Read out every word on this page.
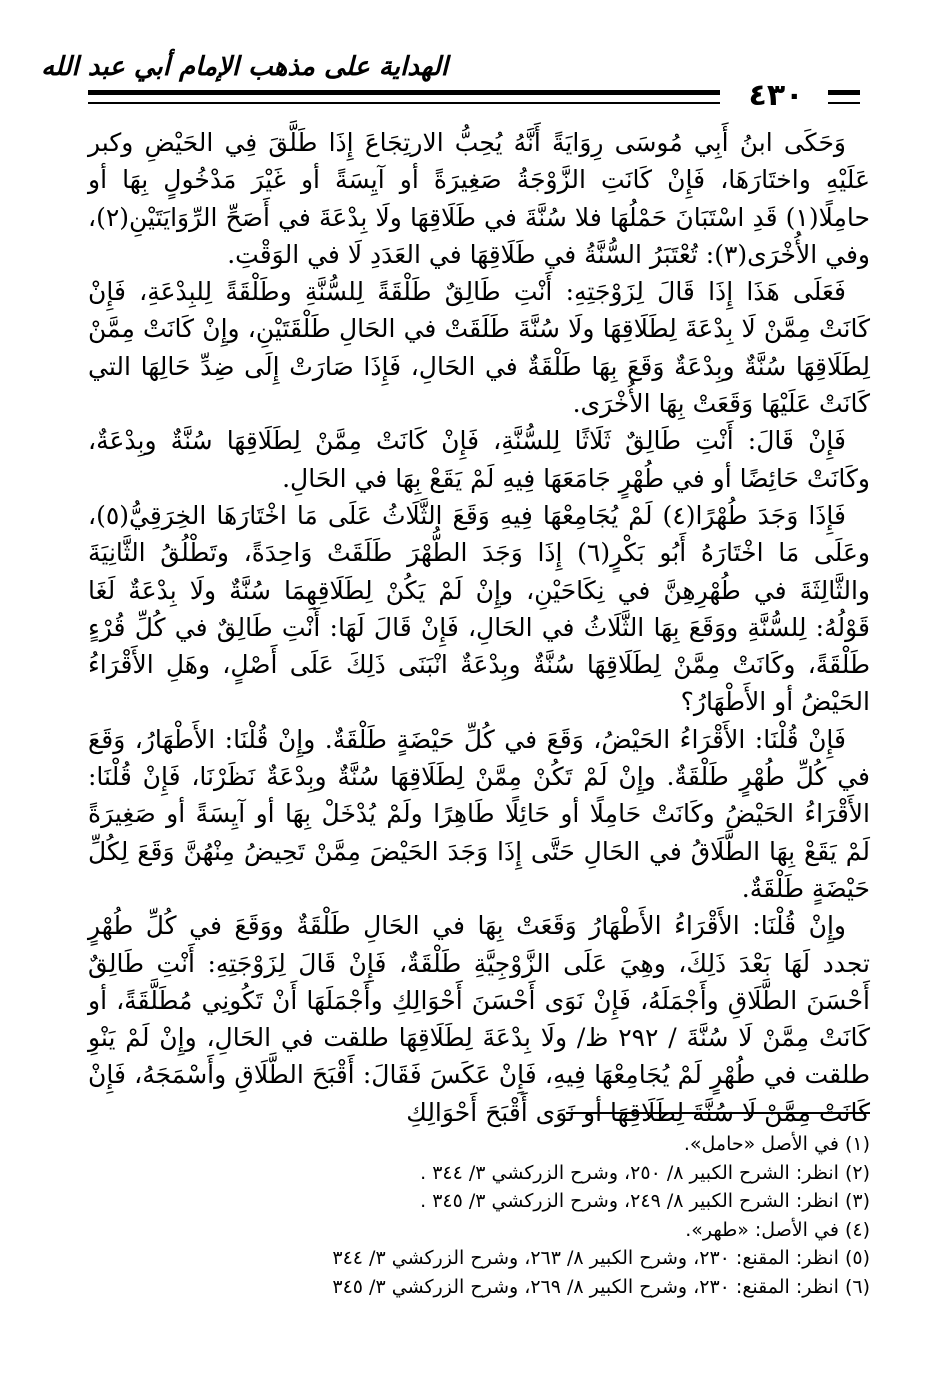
الهداية على مذهب الإمام أبي عبد الله
٤٣٠

وَحَكَى ابنُ أَبِي مُوسَى رِوَايَةً أَنَّهُ يُحِبُّ الارتِجَاعَ إِذَا طَلَّقَ فِي الحَيْضِ وكبر عَلَيْهِ واختَارَهَا، فَإِنْ كَانَتِ الزَّوْجَةُ صَغِيرَةً أو آيِسَةً أو غَيْرَ مَدْخُولٍ بِهَا أو حامِلًا(١) قَدِ اسْتَبَانَ حَمْلُهَا فلا سُنَّةَ في طَلَاقِهَا ولَا بِدْعَةَ في أَصَحِّ الرِّوَايَتَيْنِ(٢)، وفي الأُخْرَى(٣): تُعْتَبَرُ السُّنَّةُ في طَلَاقِهَا في العَدَدِ لَا في الوَقْتِ.

فَعَلَى هَذَا إِذَا قَالَ لِزَوْجَتِهِ: أَنْتِ طَالِقٌ طَلْقَةً لِلسُّنَّةِ وطَلْقَةً لِلبِدْعَةِ، فَإِنْ كَانَتْ مِمَّنْ لَا بِدْعَةَ لِطَلَاقِهَا ولَا سُنَّةَ طَلَقَتْ في الحَالِ طَلْقَتَيْنِ، وإِنْ كَانَتْ مِمَّنْ لِطَلَاقِهَا سُنَّةٌ وبِدْعَةٌ وَقَعَ بِهَا طَلْقَةٌ في الحَالِ، فَإِذَا صَارَتْ إِلَى ضِدِّ حَالِهَا التي كَانَتْ عَلَيْهَا وَقَعَتْ بِهَا الأُخْرَى.

فَإِنْ قَالَ: أَنْتِ طَالِقٌ ثَلَاثًا لِلسُّنَّةِ، فَإِنْ كَانَتْ مِمَّنْ لِطَلَاقِهَا سُنَّةٌ وبِدْعَةٌ، وكَانَتْ حَائِضًا أو في طُهْرٍ جَامَعَهَا فِيهِ لَمْ يَقَعْ بِهَا في الحَالِ.

فَإِذَا وَجَدَ طُهْرًا(٤) لَمْ يُجَامِعْهَا فِيهِ وَقَعَ الثَّلَاثُ عَلَى مَا اخْتَارَهَا الخِرَقِيُّ(٥)، وعَلَى مَا اخْتَارَهُ أَبُو بَكْرٍ(٦) إِذَا وَجَدَ الطُّهْرَ طَلَقَتْ وَاحِدَةً، وتَطْلُقُ الثَّانِيَةَ والثَّالِثَةَ في طُهْرِهِنَّ في نِكَاحَيْنِ، وإِنْ لَمْ يَكُنْ لِطَلَاقِهِمَا سُنَّةٌ ولَا بِدْعَةٌ لَغَا قَوْلُهُ: لِلسُّنَّةِ ووَقَعَ بِهَا الثَّلَاثُ في الحَالِ، فَإِنْ قَالَ لَهَا: أَنْتِ طَالِقٌ في كُلِّ قُرْءٍ طَلْقَةً، وكَانَتْ مِمَّنْ لِطَلَاقِهَا سُنَّةٌ وبِدْعَةٌ انْبَنَى ذَلِكَ عَلَى أَصْلٍ، وهَلِ الأَقْرَاءُ الحَيْضُ أو الأَطْهَارُ؟

فَإِنْ قُلْنَا: الأَقْرَاءُ الحَيْضُ، وَقَعَ في كُلِّ حَيْضَةٍ طَلْقَةٌ. وإِنْ قُلْنَا: الأَطْهَارُ، وَقَعَ في كُلِّ طُهْرٍ طَلْقَةٌ. وإِنْ لَمْ تَكُنْ مِمَّنْ لِطَلَاقِهَا سُنَّةٌ وبِدْعَةٌ نَظَرْنَا، فَإِنْ قُلْنَا: الأَقْرَاءُ الحَيْضُ وكَانَتْ حَامِلًا أو حَائِلًا طَاهِرًا ولَمْ يُدْخَلْ بِهَا أو آيِسَةً أو صَغِيرَةً لَمْ يَقَعْ بِهَا الطَّلَاقُ في الحَالِ حَتَّى إِذَا وَجَدَ الحَيْضَ مِمَّنْ تَحِيضُ مِنْهُنَّ وَقَعَ لِكُلِّ حَيْضَةٍ طَلْقَةٌ.

وإِنْ قُلْنَا: الأَقْرَاءُ الأَطْهَارُ وَقَعَتْ بِهَا في الحَالِ طَلْقَةٌ ووَقَعَ في كُلِّ طُهْرٍ تجدد لَهَا بَعْدَ ذَلِكَ، وهِيَ عَلَى الزَّوْجِيَّةِ طَلْقَةٌ، فَإِنْ قَالَ لِزَوْجَتِهِ: أَنْتِ طَالِقٌ أَحْسَنَ الطَّلَاقِ وأَجْمَلَهُ، فَإِنْ نَوَى أَحْسَنَ أَحْوَالِكِ وأَجْمَلَهَا أَنْ تَكُونِي مُطَلَّقَةً، أو كَانَتْ مِمَّنْ لَا سُنَّةَ / ٢٩٢ ظ/ ولَا بِدْعَةَ لِطَلَاقِهَا طلقت في الحَالِ، وإِنْ لَمْ يَنْوِ طلقت في طُهْرٍ لَمْ يُجَامِعْهَا فِيهِ، فَإِنْ عَكَسَ فَقَالَ: أَقْبَحَ الطَّلَاقِ وأَسْمَجَهُ، فَإِنْ كَانَتْ مِمَّنْ لَا سُنَّةَ لِطَلَاقِهَا أو نَوَى أَقْبَحَ أَحْوَالِكِ

(١) في الأصل «حامل».

(٢) انظر: الشرح الكبير ٨/ ٢٥٠، وشرح الزركشي ٣/ ٣٤٤ .

(٣) انظر: الشرح الكبير ٨/ ٢٤٩، وشرح الزركشي ٣/ ٣٤٥ .

(٤) في الأصل: «طهر».

(٥) انظر: المقنع: ٢٣٠، وشرح الكبير ٨/ ٢٦٣، وشرح الزركشي ٣/ ٣٤٤

(٦) انظر: المقنع: ٢٣٠، وشرح الكبير ٨/ ٢٦٩، وشرح الزركشي ٣/ ٣٤٥
